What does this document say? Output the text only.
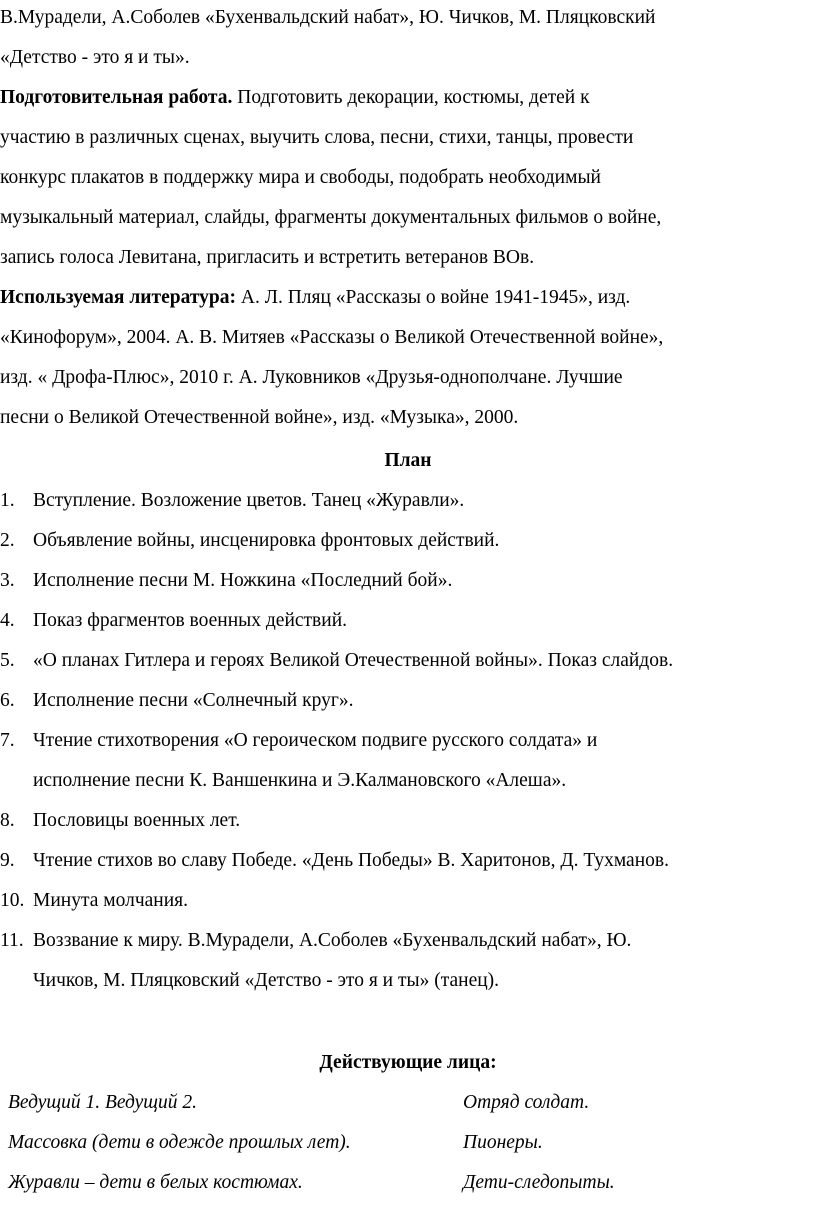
В.Мурадели, А.Соболев «Бухенвальдский набат», Ю. Чичков, М. Пляцковский
«Детство - это я и ты».
Подготовительная работа. Подготовить декорации, костюмы, детей к
участию в различных сценах, выучить слова, песни, стихи, танцы, провести
конкурс плакатов в поддержку мира и свободы, подобрать необходимый
музыкальный материал, слайды, фрагменты документальных фильмов о войне,
запись голоса Левитана, пригласить и встретить ветеранов ВОв.
Используемая литература: А. Л. Пляц «Рассказы о войне 1941-1945», изд.
«Кинофорум», 2004. А. В. Митяев «Рассказы о Великой Отечественной войне»,
изд. « Дрофа-Плюс», 2010 г. А. Луковников «Друзья-однополчане. Лучшие
песни о Великой Отечественной войне», изд. «Музыка», 2000.
План
1. Вступление. Возложение цветов. Танец «Журавли».
2. Объявление войны, инсценировка фронтовых действий.
3. Исполнение песни М. Ножкина «Последний бой».
4. Показ фрагментов военных действий.
5. «О планах Гитлера и героях Великой Отечественной войны». Показ слайдов.
6. Исполнение песни «Солнечный круг».
7. Чтение стихотворения «О героическом подвиге русского солдата» и
исполнение песни К. Ваншенкина и Э.Калмановского «Алеша».
8. Пословицы военных лет.
9. Чтение стихов во славу Победе. «День Победы» В. Харитонов, Д. Тухманов.
10. Минута молчания.
11. Воззвание к миру. В.Мурадели, А.Соболев «Бухенвальдский набат», Ю.
Чичков, М. Пляцковский «Детство - это я и ты» (танец).
Действующие лица:
Ведущий 1. Ведущий 2.	Отряд солдат.
Массовка (дети в одежде прошлых лет).	Пионеры.
Журавли – дети в белых костюмах.	Дети-следопыты.
